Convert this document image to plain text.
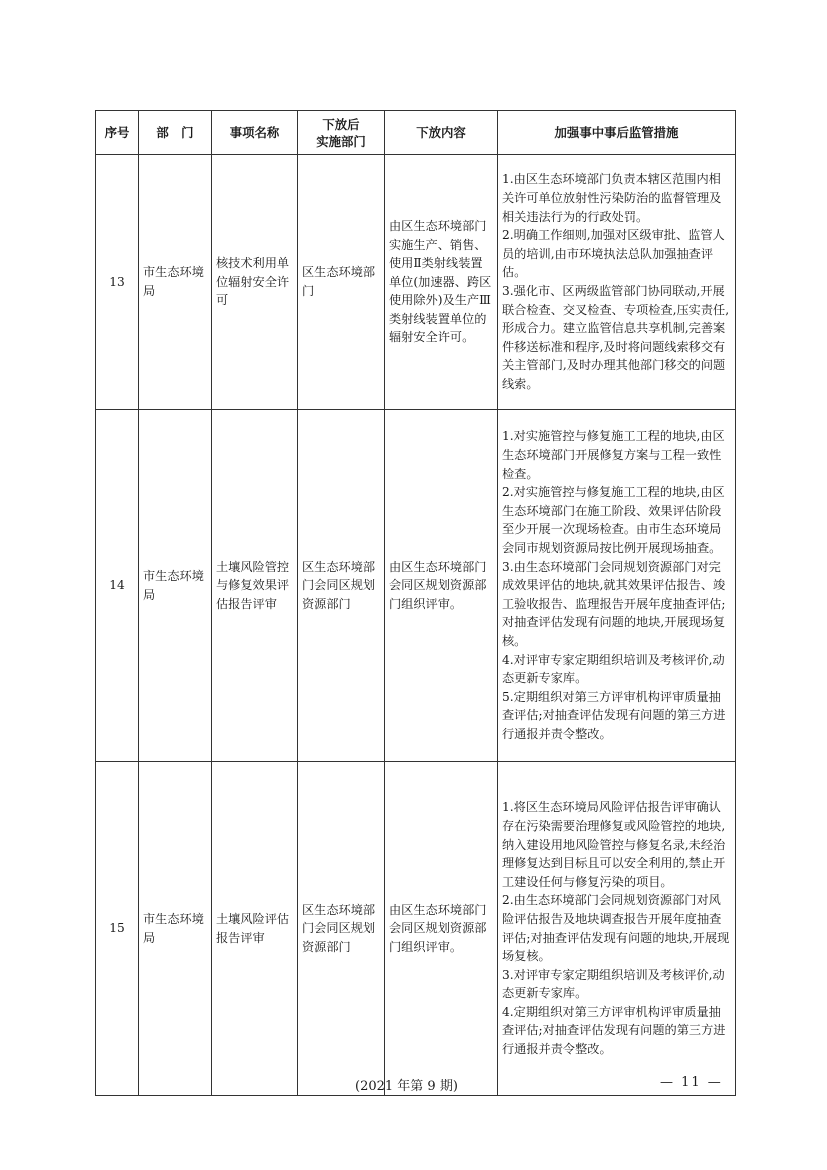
序号	部　门	事项名称	下放后
实施部门	下放内容	加强事中事后监管措施
13	市生态环境局	核技术利用单位辐射安全许可	区生态环境部门	由区生态环境部门实施生产、销售、使用Ⅱ类射线装置单位(加速器、跨区使用除外)及生产Ⅲ类射线装置单位的辐射安全许可。	1.由区生态环境部门负责本辖区范围内相关许可单位放射性污染防治的监督管理及相关违法行为的行政处罚。
2.明确工作细则,加强对区级审批、监管人员的培训,由市环境执法总队加强抽查评估。
3.强化市、区两级监管部门协同联动,开展联合检查、交叉检查、专项检查,压实责任,形成合力。建立监管信息共享机制,完善案件移送标准和程序,及时将问题线索移交有关主管部门,及时办理其他部门移交的问题线索。
14	市生态环境局	土壤风险管控与修复效果评估报告评审	区生态环境部门会同区规划资源部门	由区生态环境部门会同区规划资源部门组织评审。	1.对实施管控与修复施工工程的地块,由区生态环境部门开展修复方案与工程一致性检查。
2.对实施管控与修复施工工程的地块,由区生态环境部门在施工阶段、效果评估阶段至少开展一次现场检查。由市生态环境局会同市规划资源局按比例开展现场抽查。
3.由生态环境部门会同规划资源部门对完成效果评估的地块,就其效果评估报告、竣工验收报告、监理报告开展年度抽查评估;对抽查评估发现有问题的地块,开展现场复核。
4.对评审专家定期组织培训及考核评价,动态更新专家库。
5.定期组织对第三方评审机构评审质量抽查评估;对抽查评估发现有问题的第三方进行通报并责令整改。
15	市生态环境局	土壤风险评估报告评审	区生态环境部门会同区规划资源部门	由区生态环境部门会同区规划资源部门组织评审。	1.将区生态环境局风险评估报告评审确认存在污染需要治理修复或风险管控的地块,纳入建设用地风险管控与修复名录,未经治理修复达到目标且可以安全利用的,禁止开工建设任何与修复污染的项目。
2.由生态环境部门会同规划资源部门对风险评估报告及地块调查报告开展年度抽查评估;对抽查评估发现有问题的地块,开展现场复核。
3.对评审专家定期组织培训及考核评价,动态更新专家库。
4.定期组织对第三方评审机构评审质量抽查评估;对抽查评估发现有问题的第三方进行通报并责令整改。
(2021 年第 9 期)	— 11 —
